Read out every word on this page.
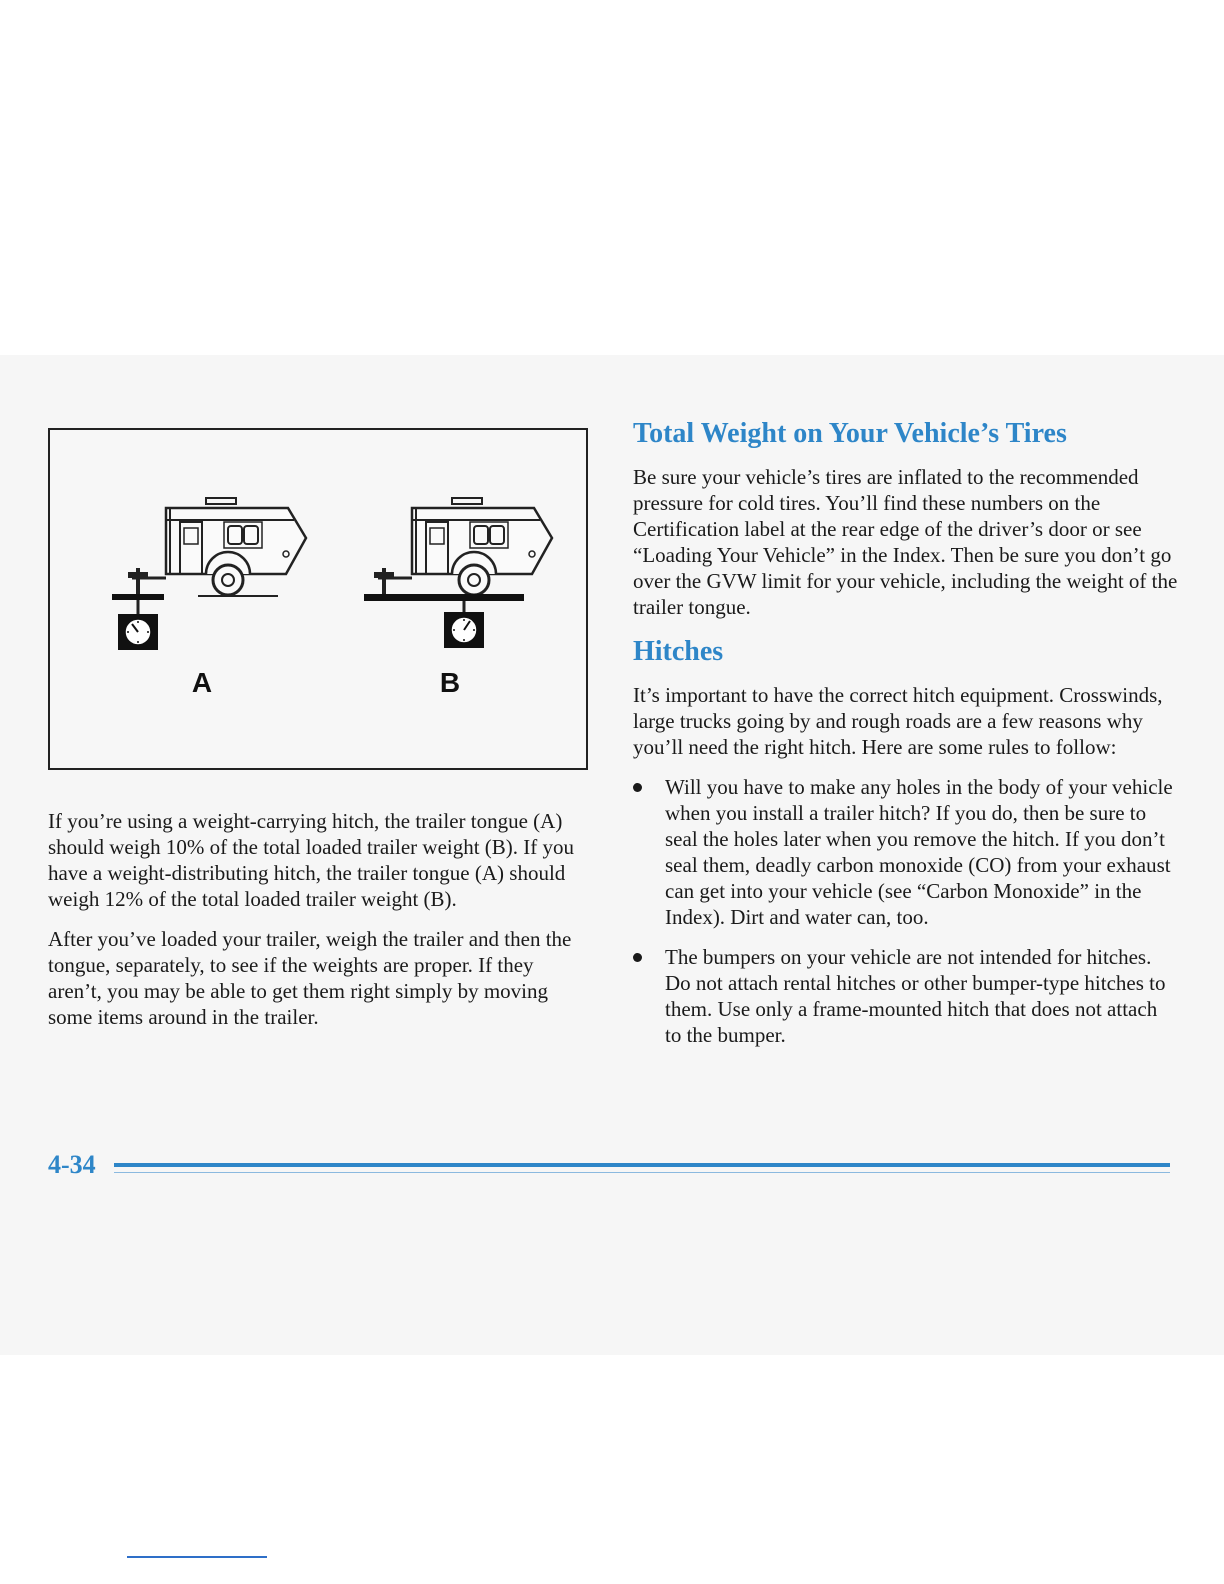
A	B

If you’re using a weight-carrying hitch, the trailer tongue (A) should weigh 10% of the total loaded trailer weight (B). If you have a weight-distributing hitch, the trailer tongue (A) should weigh 12% of the total loaded trailer weight (B).

After you’ve loaded your trailer, weigh the trailer and then the tongue, separately, to see if the weights are proper. If they aren’t, you may be able to get them right simply by moving some items around in the trailer.

Total Weight on Your Vehicle’s Tires

Be sure your vehicle’s tires are inflated to the recommended pressure for cold tires. You’ll find these numbers on the Certification label at the rear edge of the driver’s door or see “Loading Your Vehicle” in the Index. Then be sure you don’t go over the GVW limit for your vehicle, including the weight of the trailer tongue.

Hitches

It’s important to have the correct hitch equipment. Crosswinds, large trucks going by and rough roads are a few reasons why you’ll need the right hitch. Here are some rules to follow:

Will you have to make any holes in the body of your vehicle when you install a trailer hitch? If you do, then be sure to seal the holes later when you remove the hitch. If you don’t seal them, deadly carbon monoxide (CO) from your exhaust can get into your vehicle (see “Carbon Monoxide” in the Index). Dirt and water can, too.
The bumpers on your vehicle are not intended for hitches. Do not attach rental hitches or other bumper-type hitches to them. Use only a frame-mounted hitch that does not attach to the bumper.
4-34
